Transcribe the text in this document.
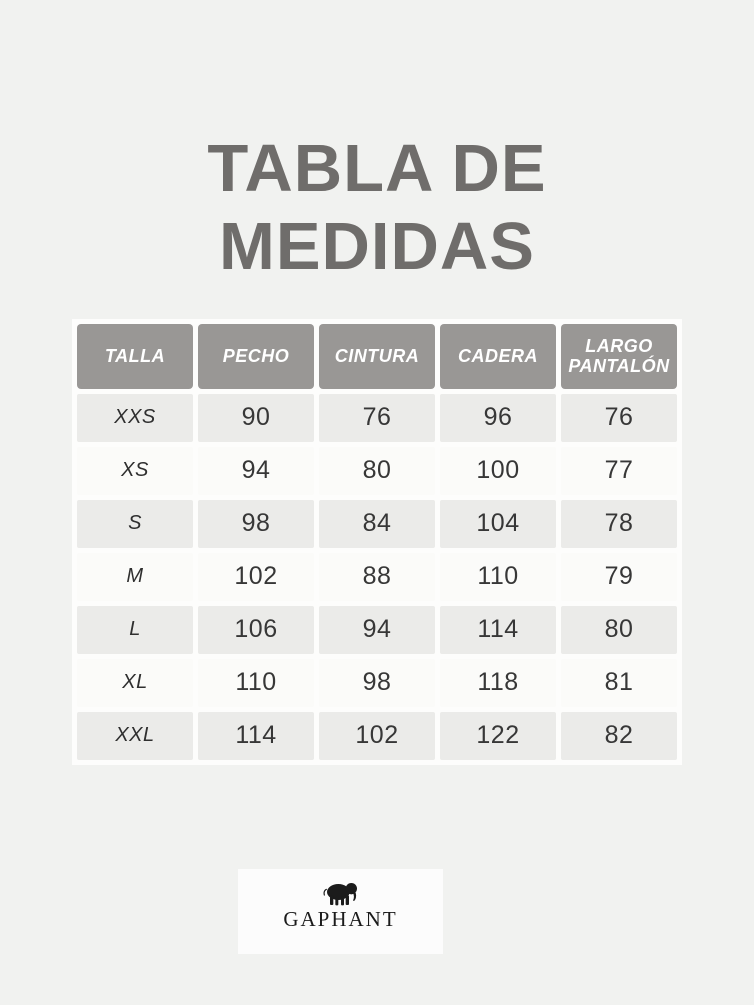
TABLA DE MEDIDAS
TALLA	PECHO	CINTURA	CADERA	LARGO PANTALÓN
XXS	90	76	96	76
XS	94	80	100	77
S	98	84	104	78
M	102	88	110	79
L	106	94	114	80
XL	110	98	118	81
XXL	114	102	122	82
GAPHANT
